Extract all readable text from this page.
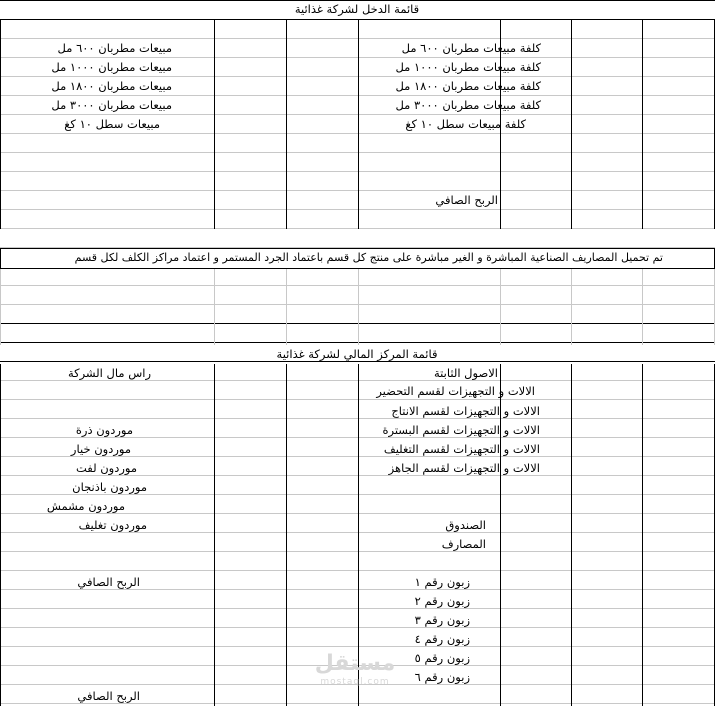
قائمة الدخل لشركة غذائية
مبيعات مطربان ٦٠٠ مل
مبيعات مطربان ١٠٠٠ مل
مبيعات مطربان ١٨٠٠ مل
مبيعات مطربان ٣٠٠٠ مل
مبيعات سطل ١٠ كغ
كلفة مبيعات مطربان ٦٠٠ مل
كلفة مبيعات مطربان ١٠٠٠ مل
كلفة مبيعات مطربان ١٨٠٠ مل
كلفة مبيعات مطربان ٣٠٠٠ مل
كلفة مبيعات سطل ١٠ كغ
الربح الصافي
تم تحميل المصاريف الصناعية المباشرة و الغير مباشرة على منتج كل قسم باعتماد الجرد المستمر و اعتماد مراكز الكلف لكل قسم
قائمة المركز المالي لشركة غذائية
الاصول الثابتة
الالات و التجهيزات لقسم التحضير
الالات و التجهيزات لقسم الانتاج
الالات و التجهيزات لقسم البسترة
الالات و التجهيزات لقسم التغليف
الالات و التجهيزات لقسم الجاهز
الصندوق
المصارف
زبون رقم ١
زبون رقم ٢
زبون رقم ٣
زبون رقم ٤
زبون رقم ٥
زبون رقم ٦
راس مال الشركة
موردون ذرة
موردون خيار
موردون لفت
موردون باذنجان
موردون مشمش
موردون تغليف
الربح الصافي
الربح الصافي
مستقل
mostaql.com
